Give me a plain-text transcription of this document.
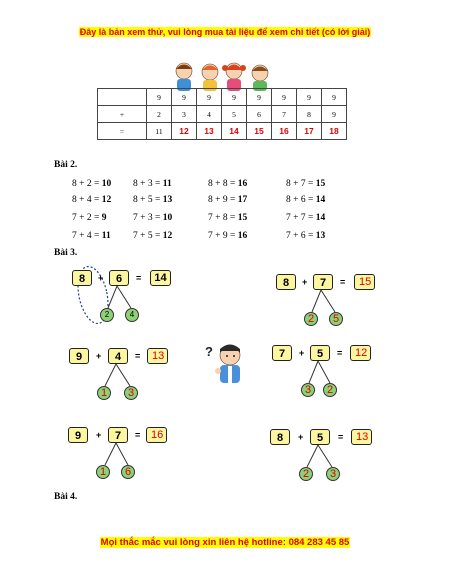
Đây là bản xem thử, vui lòng mua tài liệu để xem chi tiết (có lời giải)
	9	9	9	9	9	9	9	9
+	2	3	4	5	6	7	8	9
=	11	12	13	14	15	16	17	18
Bài 2.
8 + 2 = 10 8 + 3 = 11	8 + 8 = 16	8 + 7 = 15
8 + 4 = 12 8 + 5 = 13	8 + 9 = 17	8 + 6 = 14
7 + 2 = 9	7 + 3 = 10	7 + 8 = 15	7 + 7 = 14
7 + 4 = 11 7 + 5 = 12	7 + 9 = 16	7 + 6 = 13
Bài 3.
8	+	6	=	14
2	4
8	+	7	=	15
2	5
9	+	4	=	13
1	3
?	7	+	5	=	12
3	2
9	+	7	= 16
1	6
8	+	5	=	13
2	3
Bài 4.
Mọi thắc mắc vui lòng xin liên hệ hotline: 084 283 45 85
